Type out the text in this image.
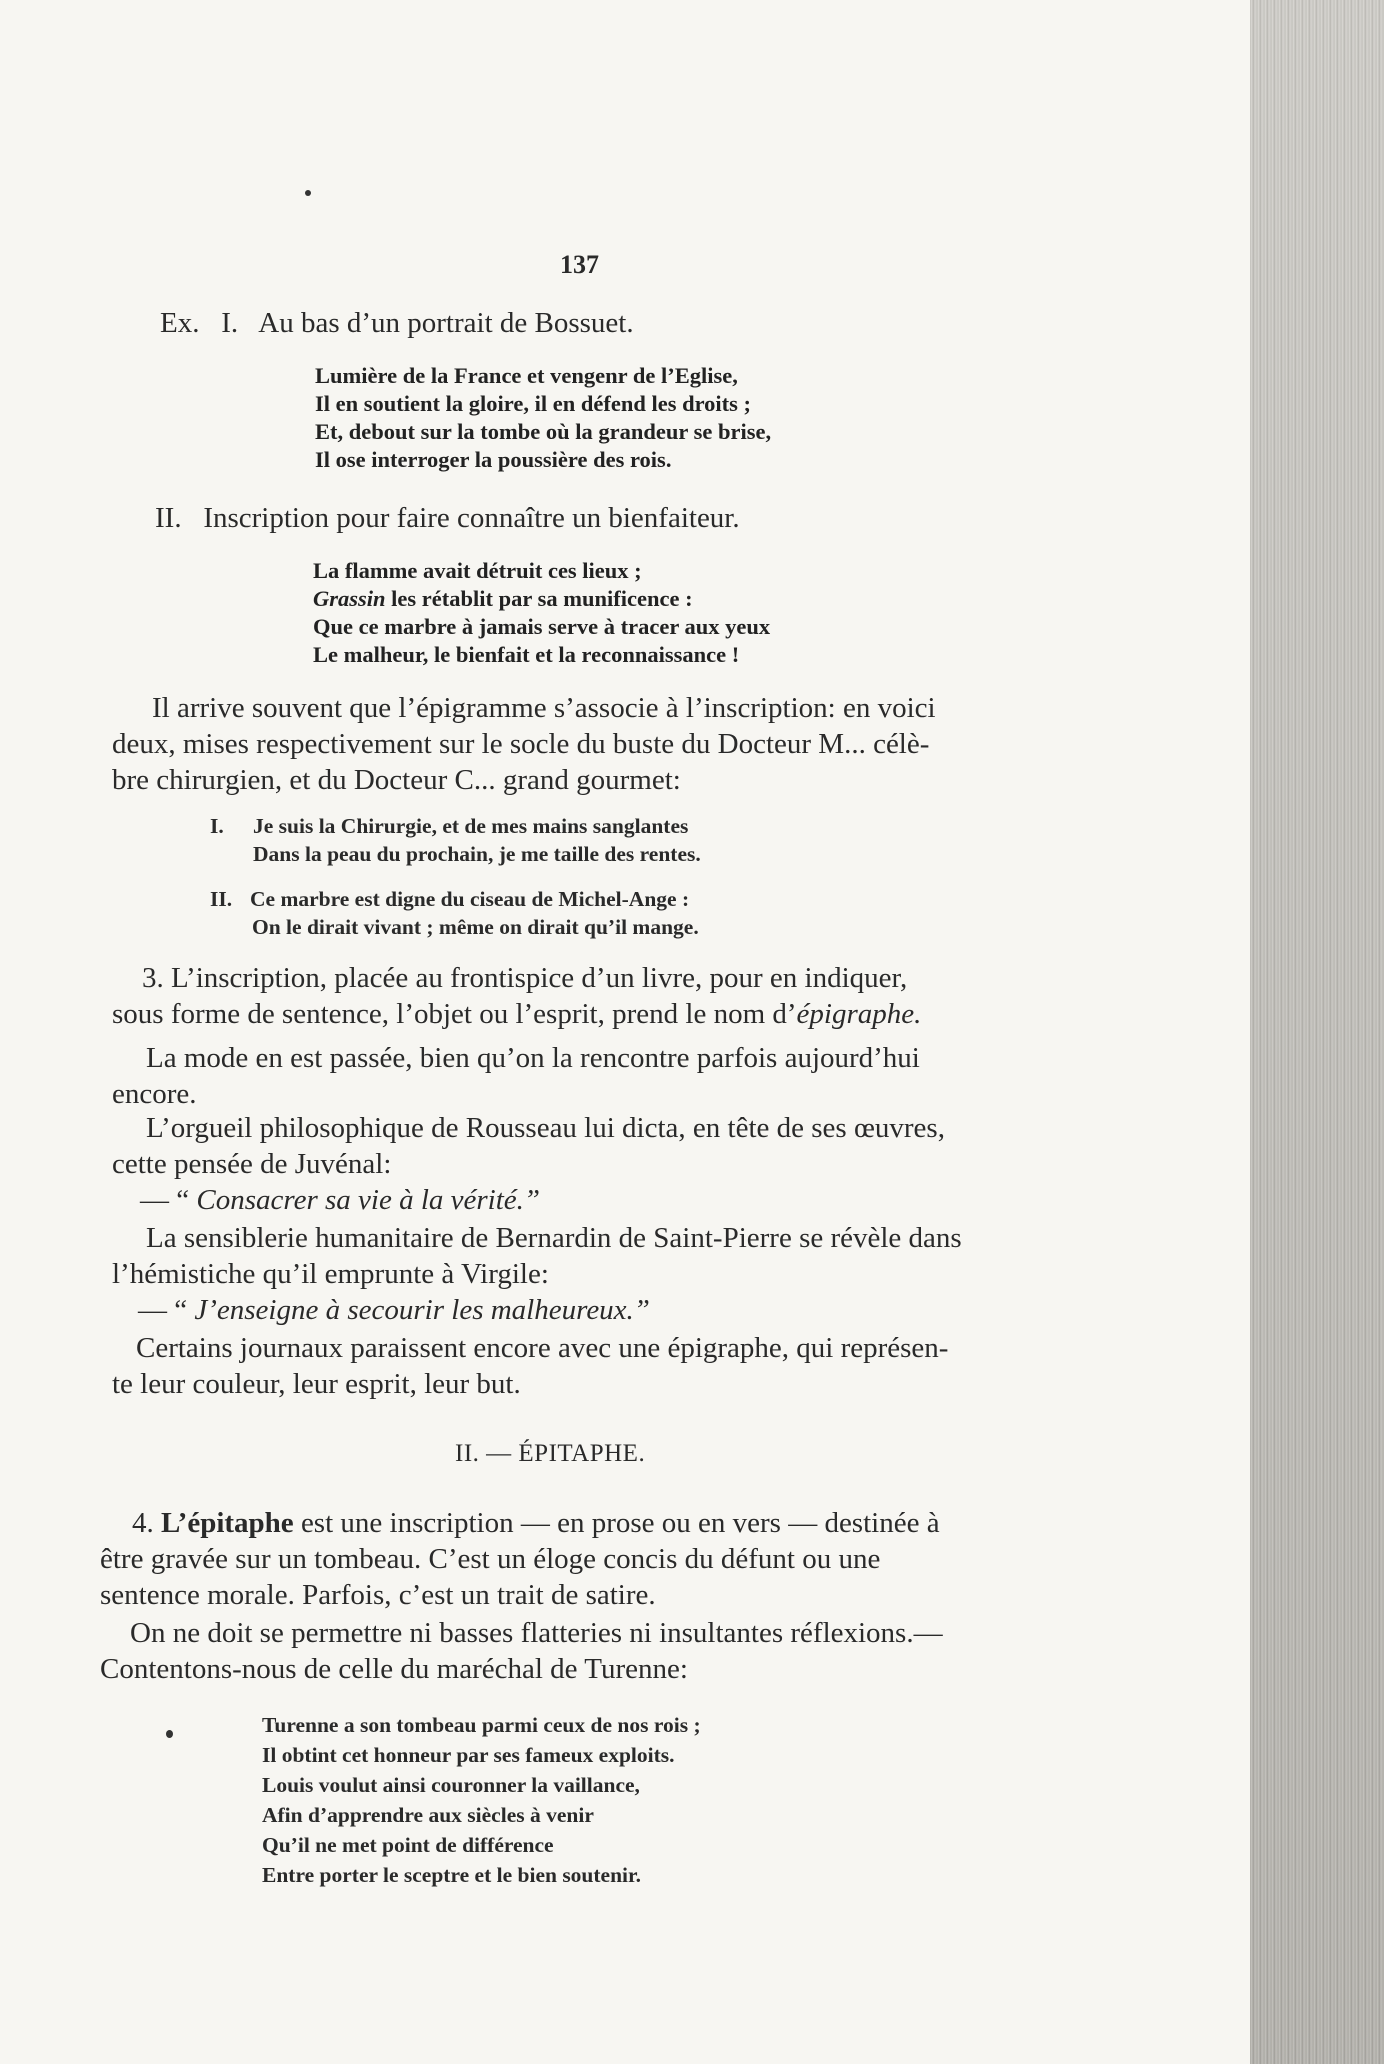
137
Ex.   I.   Au bas d’un portrait de Bossuet.
Lumière de la France et vengenr de l’Eglise,
Il en soutient la gloire, il en défend les droits ;
Et, debout sur la tombe où la grandeur se brise,
Il ose interroger la poussière des rois.
II.   Inscription pour faire connaître un bienfaiteur.
La flamme avait détruit ces lieux ;
Grassin les rétablit par sa munificence :
Que ce marbre à jamais serve à tracer aux yeux
Le malheur, le bienfait et la reconnaissance !
Il arrive souvent que l’épigramme s’associe à l’inscription: en voici
deux, mises respectivement sur le socle du buste du Docteur M... célè-
bre chirurgien, et du Docteur C... grand gourmet:
I. Je suis la Chirurgie, et de mes mains sanglantes
Dans la peau du prochain, je me taille des rentes.
II. Ce marbre est digne du ciseau de Michel-Ange :
On le dirait vivant ; même on dirait qu’il mange.
3. L’inscription, placée au frontispice d’un livre, pour en indiquer,
sous forme de sentence, l’objet ou l’esprit, prend le nom d’épigraphe.
La mode en est passée, bien qu’on la rencontre parfois aujourd’hui
encore.
L’orgueil philosophique de Rousseau lui dicta, en tête de ses œuvres,
cette pensée de Juvénal:
— “ Consacrer sa vie à la vérité.”
La sensiblerie humanitaire de Bernardin de Saint-Pierre se révèle dans
l’hémistiche qu’il emprunte à Virgile:
— “ J’enseigne à secourir les malheureux.”
Certains journaux paraissent encore avec une épigraphe, qui représen-
te leur couleur, leur esprit, leur but.
II. — ÉPITAPHE.
4. L’épitaphe est une inscription — en prose ou en vers — destinée à
être gravée sur un tombeau. C’est un éloge concis du défunt ou une
sentence morale. Parfois, c’est un trait de satire.
On ne doit se permettre ni basses flatteries ni insultantes réflexions.—
Contentons-nous de celle du maréchal de Turenne:
Turenne a son tombeau parmi ceux de nos rois ;
Il obtint cet honneur par ses fameux exploits.
Louis voulut ainsi couronner la vaillance,
Afin d’apprendre aux siècles à venir
Qu’il ne met point de différence
Entre porter le sceptre et le bien soutenir.
